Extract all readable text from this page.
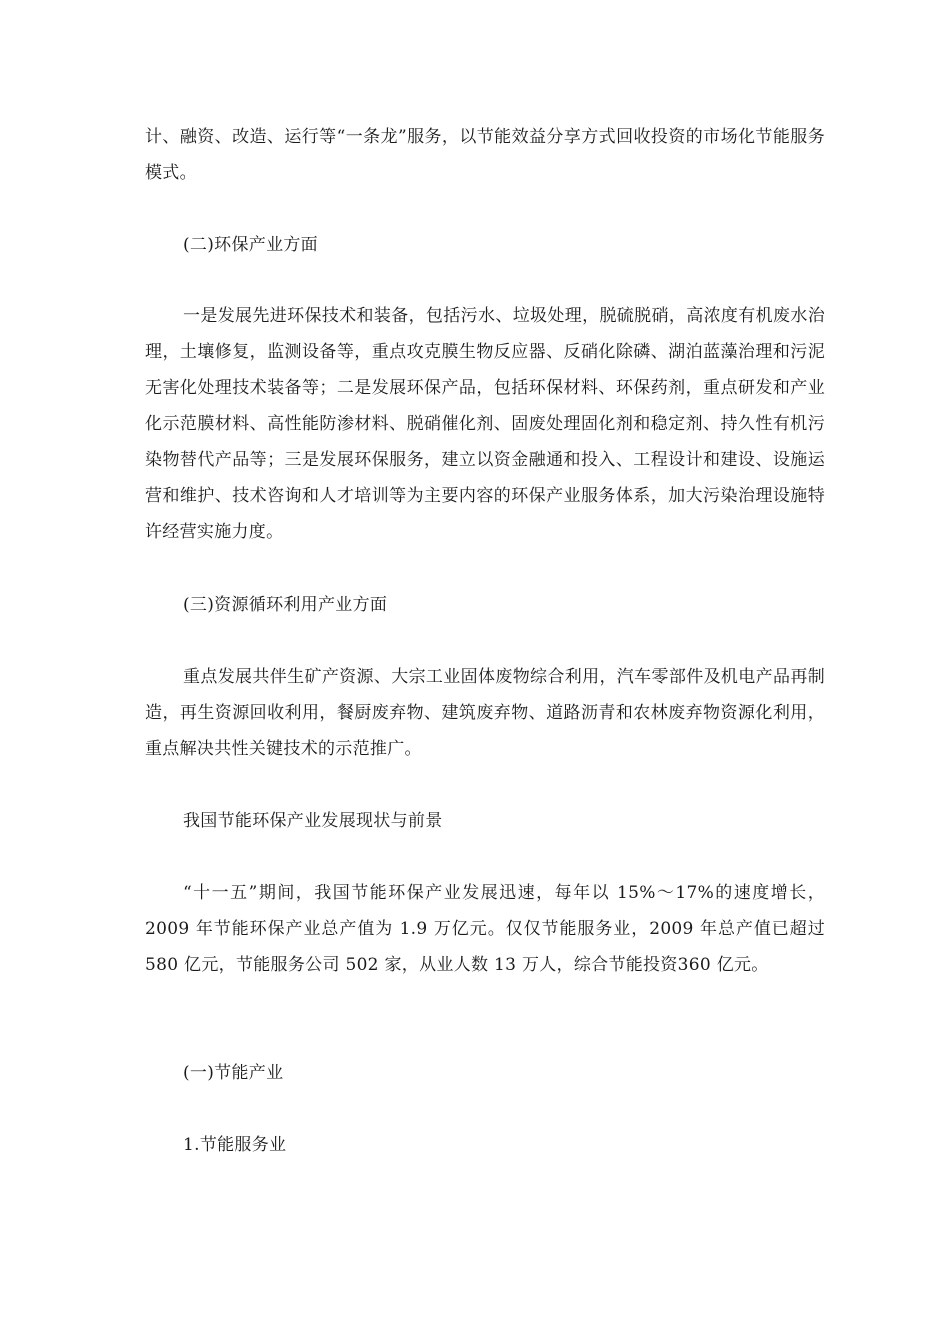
计、融资、改造、运行等“一条龙”服务，以节能效益分享方式回收投资的市场化节能服务模式。

(二)环保产业方面

一是发展先进环保技术和装备，包括污水、垃圾处理，脱硫脱硝，高浓度有机废水治理，土壤修复，监测设备等，重点攻克膜生物反应器、反硝化除磷、湖泊蓝藻治理和污泥无害化处理技术装备等；二是发展环保产品，包括环保材料、环保药剂，重点研发和产业化示范膜材料、高性能防渗材料、脱硝催化剂、固废处理固化剂和稳定剂、持久性有机污染物替代产品等；三是发展环保服务，建立以资金融通和投入、工程设计和建设、设施运营和维护、技术咨询和人才培训等为主要内容的环保产业服务体系，加大污染治理设施特许经营实施力度。

(三)资源循环利用产业方面

重点发展共伴生矿产资源、大宗工业固体废物综合利用，汽车零部件及机电产品再制造，再生资源回收利用，餐厨废弃物、建筑废弃物、道路沥青和农林废弃物资源化利用，重点解决共性关键技术的示范推广。

我国节能环保产业发展现状与前景

“十一五”期间，我国节能环保产业发展迅速，每年以 15%～17%的速度增长，2009 年节能环保产业总产值为 1.9 万亿元。仅仅节能服务业，2009 年总产值已超过 580 亿元，节能服务公司 502 家，从业人数 13 万人，综合节能投资360 亿元。

(一)节能产业
1.节能服务业
